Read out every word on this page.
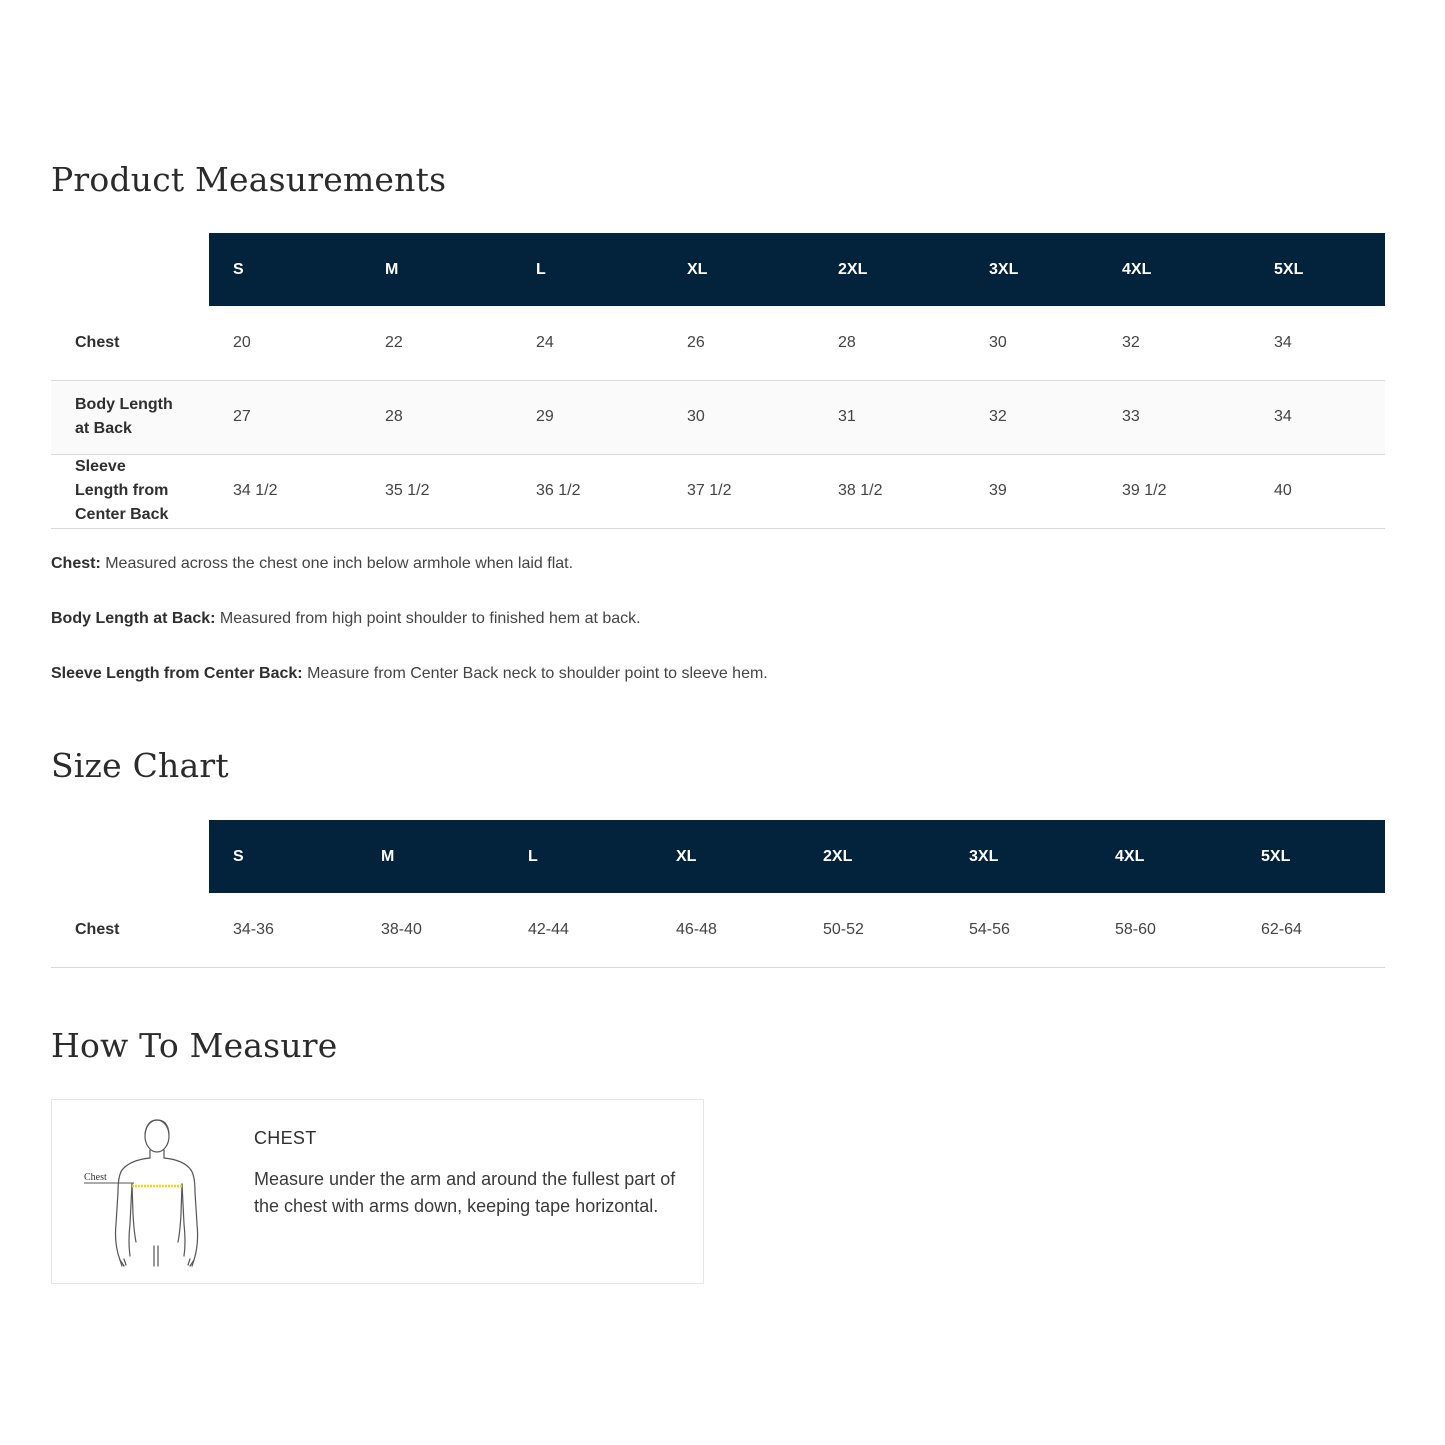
Product Measurements
	S	M	L	XL	2XL	3XL	4XL	5XL
Chest	20	22	24	26	28	30	32	34
Body Length at Back	27	28	29	30	31	32	33	34
Sleeve Length from Center Back	34 1/2	35 1/2	36 1/2	37 1/2	38 1/2	39	39 1/2	40

Chest: Measured across the chest one inch below armhole when laid flat.

Body Length at Back: Measured from high point shoulder to finished hem at back.

Sleeve Length from Center Back: Measure from Center Back neck to shoulder point to sleeve hem.

Size Chart
	S	M	L	XL	2XL	3XL	4XL	5XL
Chest	34-36	38-40	42-44	46-48	50-52	54-56	58-60	62-64
How To Measure
Chest
CHEST
Measure under the arm and around the fullest part of the chest with arms down, keeping tape horizontal.
